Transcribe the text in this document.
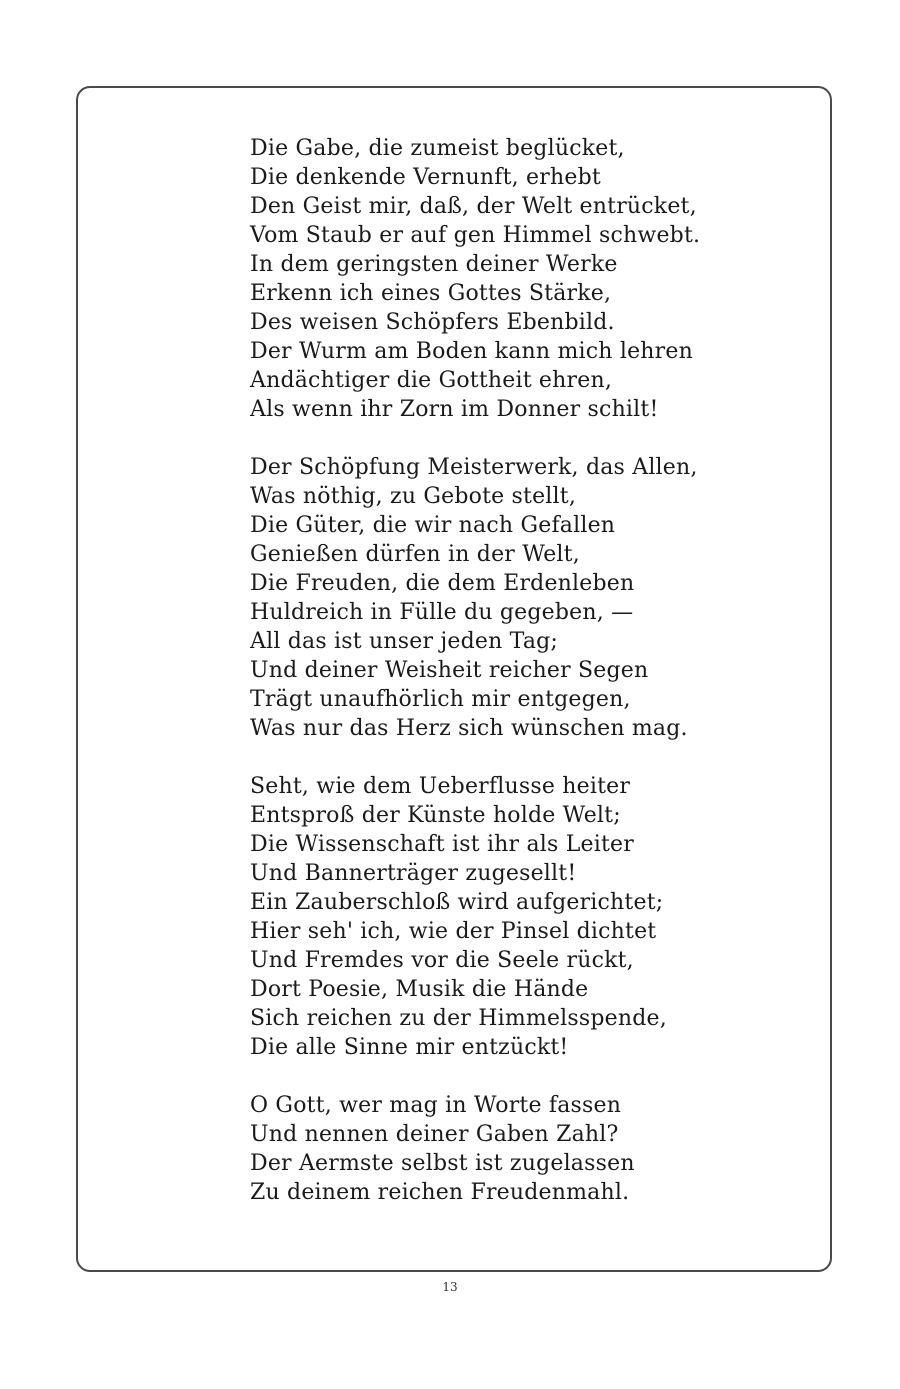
Die Gabe, die zumeist beglücket,
Die denkende Vernunft, erhebt
Den Geist mir, daß, der Welt entrücket,
Vom Staub er auf gen Himmel schwebt.
In dem geringsten deiner Werke
Erkenn ich eines Gottes Stärke,
Des weisen Schöpfers Ebenbild.
Der Wurm am Boden kann mich lehren
Andächtiger die Gottheit ehren,
Als wenn ihr Zorn im Donner schilt!
Der Schöpfung Meisterwerk, das Allen,
Was nöthig, zu Gebote stellt,
Die Güter, die wir nach Gefallen
Genießen dürfen in der Welt,
Die Freuden, die dem Erdenleben
Huldreich in Fülle du gegeben, —
All das ist unser jeden Tag;
Und deiner Weisheit reicher Segen
Trägt unaufhörlich mir entgegen,
Was nur das Herz sich wünschen mag.
Seht, wie dem Ueberflusse heiter
Entsproß der Künste holde Welt;
Die Wissenschaft ist ihr als Leiter
Und Bannerträger zugesellt!
Ein Zauberschloß wird aufgerichtet;
Hier seh' ich, wie der Pinsel dichtet
Und Fremdes vor die Seele rückt,
Dort Poesie, Musik die Hände
Sich reichen zu der Himmelsspende,
Die alle Sinne mir entzückt!
O Gott, wer mag in Worte fassen
Und nennen deiner Gaben Zahl?
Der Aermste selbst ist zugelassen
Zu deinem reichen Freudenmahl.
13
